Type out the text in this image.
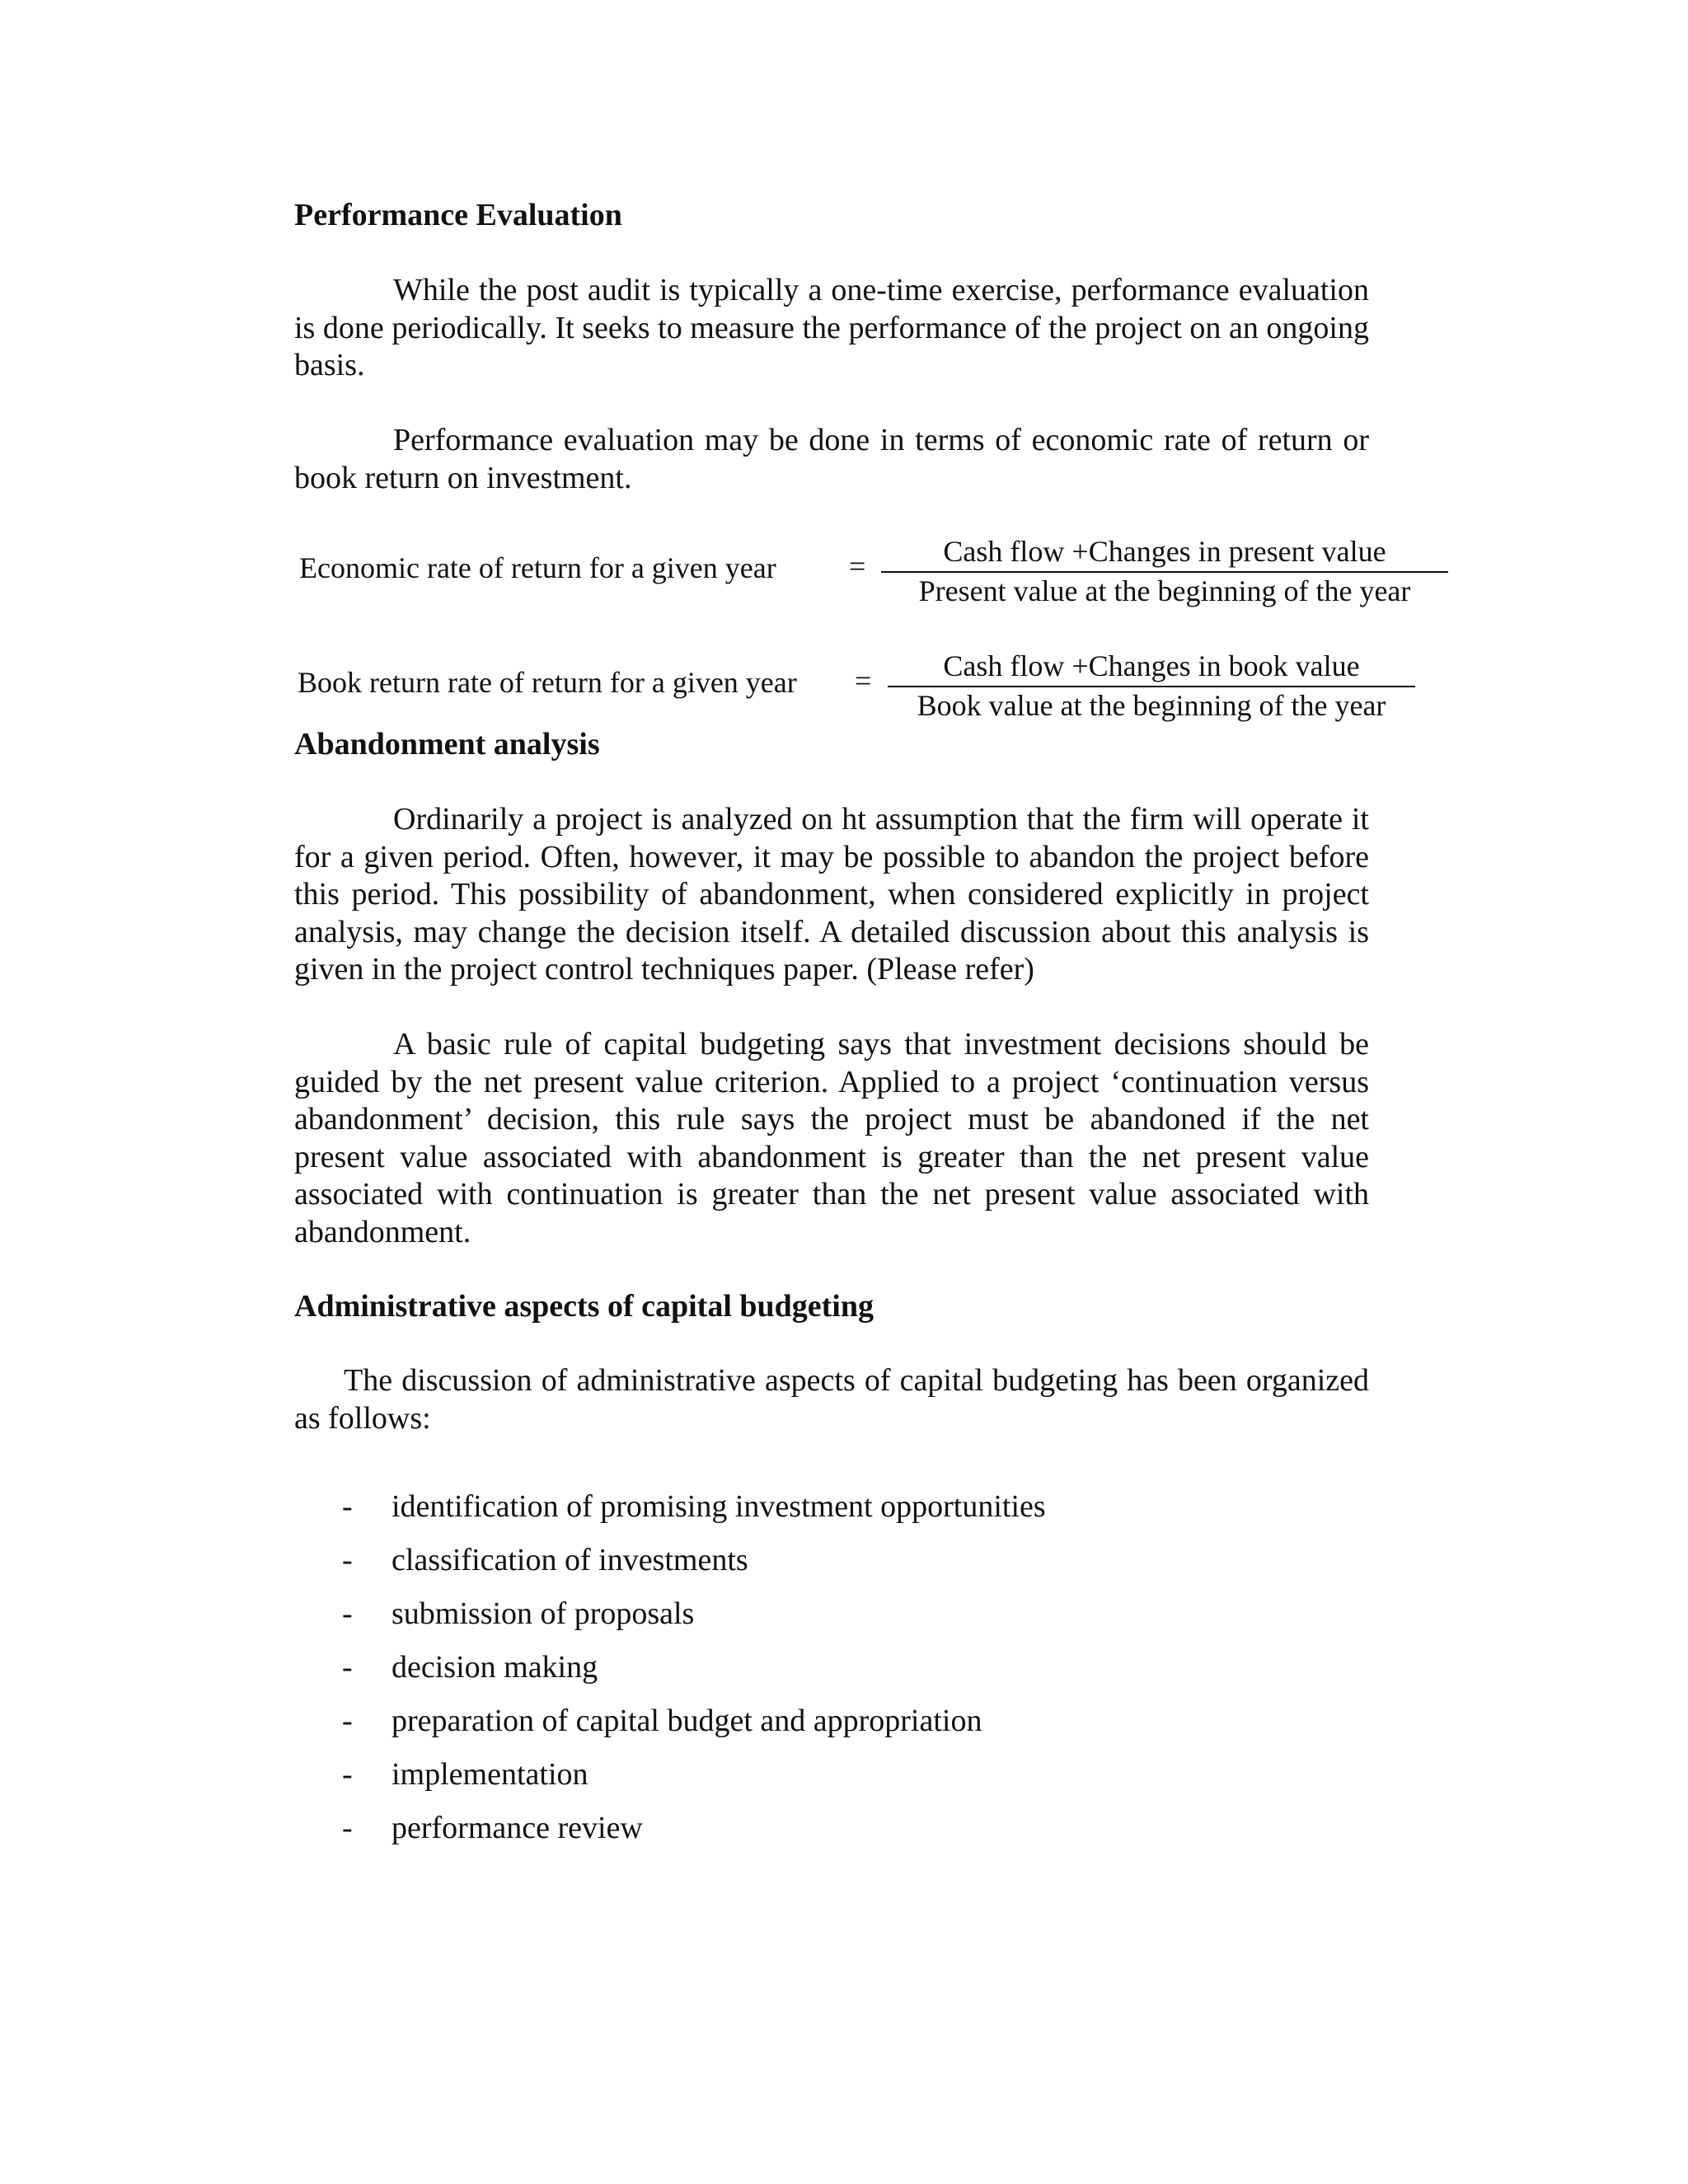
Performance Evaluation

While the post audit is typically a one-time exercise, performance evaluation is done periodically. It seeks to measure the performance of the project on an ongoing basis.

Performance evaluation may be done in terms of economic rate of return or book return on investment.

Economic rate of return for a given year =	Cash flow +Changes in present value
Present value at the beginning of the year
Book return rate of return for a given year =	Cash flow +Changes in book value
Book value at the beginning of the year
Abandonment analysis

Ordinarily a project is analyzed on ht assumption that the firm will operate it for a given period. Often, however, it may be possible to abandon the project before this period. This possibility of abandonment, when considered explicitly in project analysis, may change the decision itself. A detailed discussion about this analysis is given in the project control techniques paper. (Please refer)

A basic rule of capital budgeting says that investment decisions should be guided by the net present value criterion. Applied to a project ‘continuation versus abandonment’ decision, this rule says the project must be abandoned if the net present value associated with abandonment is greater than the net present value associated with continuation is greater than the net present value associated with abandonment.

Administrative aspects of capital budgeting

The discussion of administrative aspects of capital budgeting has been organized as follows:

- identification of promising investment opportunities
- classification of investments
- submission of proposals
- decision making
- preparation of capital budget and appropriation
- implementation
- performance review
